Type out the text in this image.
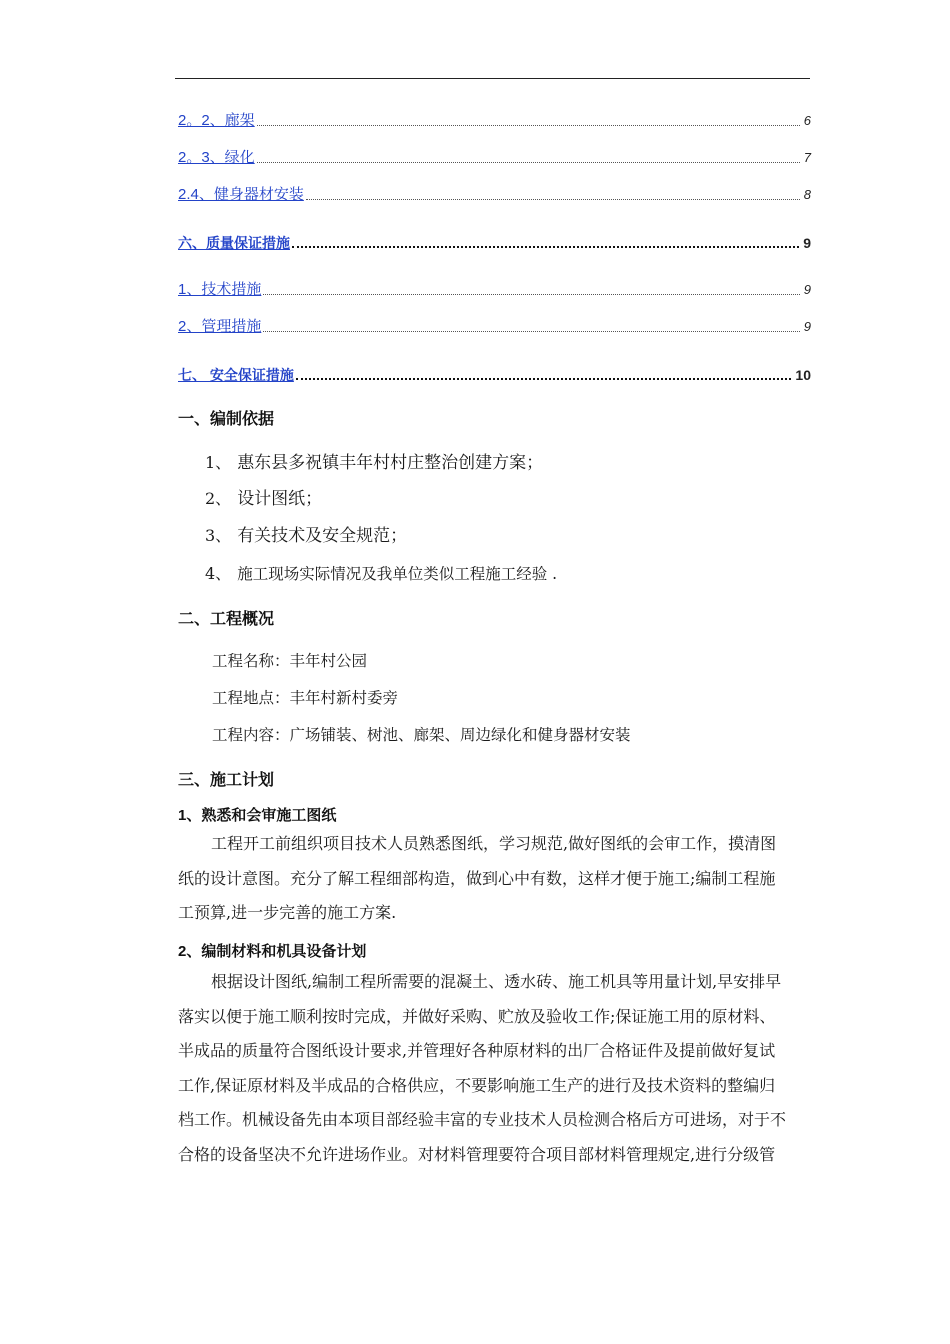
2。2、廊架	6
2。3、绿化	7
2.4、健身器材安装	8
六、质量保证措施	9
1、技术措施	9
2、管理措施	9
七、 安全保证措施	10
一、编制依据
1、 惠东县多祝镇丰年村村庄整治创建方案；
2、 设计图纸；
3、 有关技术及安全规范；
4、 施工现场实际情况及我单位类似工程施工经验 .
二、工程概况
工程名称：丰年村公园
工程地点：丰年村新村委旁
工程内容：广场铺装、树池、廊架、周边绿化和健身器材安装
三、施工计划
1、熟悉和会审施工图纸
工程开工前组织项目技术人员熟悉图纸，学习规范,做好图纸的会审工作，摸清图
纸的设计意图。充分了解工程细部构造，做到心中有数，这样才便于施工;编制工程施
工预算,进一步完善的施工方案.
2、编制材料和机具设备计划
根据设计图纸,编制工程所需要的混凝土、透水砖、施工机具等用量计划,早安排早
落实以便于施工顺利按时完成，并做好采购、贮放及验收工作;保证施工用的原材料、
半成品的质量符合图纸设计要求,并管理好各种原材料的出厂合格证件及提前做好复试
工作,保证原材料及半成品的合格供应，不要影响施工生产的进行及技术资料的整编归
档工作。机械设备先由本项目部经验丰富的专业技术人员检测合格后方可进场，对于不
合格的设备坚决不允许进场作业。对材料管理要符合项目部材料管理规定,进行分级管
